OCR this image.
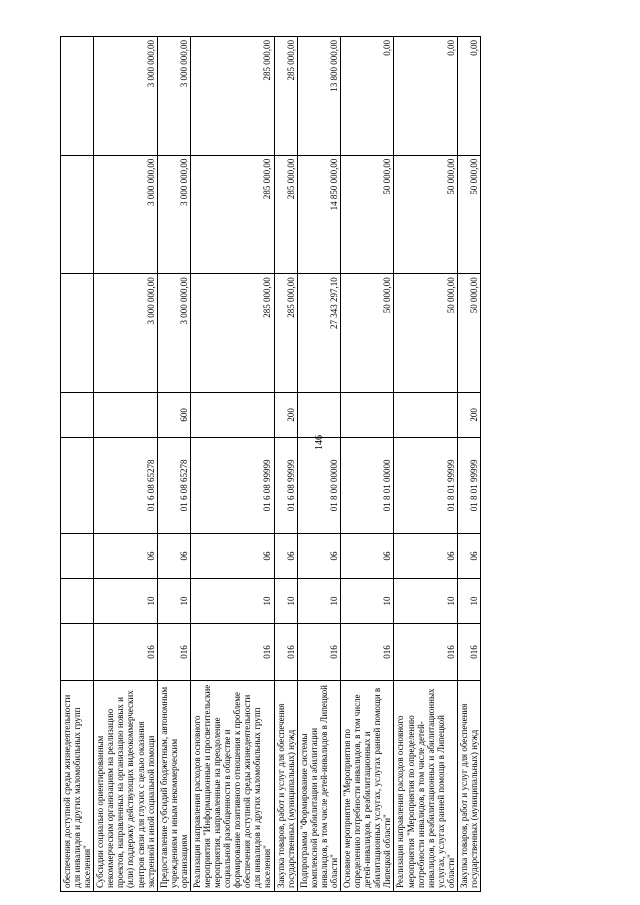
146
обеспечения доступной среды жизнедеятельности для инвалидов и других маломобильных групп населения"								
Субсидии социально ориентированным некоммерческим организациям на реализацию проектов, направленных на организацию новых и (или) поддержку действующих видеокоммерческих центров связи для глухих с целью оказания экстренной и иной социальной помощи	016	10	06	01 6 08 65278		3 000 000,00	3 000 000,00	3 000 000,00
Предоставление субсидий бюджетным, автономным учреждениям и иным некоммерческим организациям	016	10	06	01 6 08 65278	600	3 000 000,00	3 000 000,00	3 000 000,00
Реализация направления расходов основного мероприятия "Информационные и просветительские мероприятия, направленные на преодоление социальной разобщенности в обществе и формирование позитивного отношения к проблеме обеспечения доступной среды жизнедеятельности для инвалидов и других маломобильных групп населения"	016	10	06	01 6 08 99999		285 000,00	285 000,00	285 000,00
Закупка товаров, работ и услуг для обеспечения государственных (муниципальных) нужд	016	10	06	01 6 08 99999	200	285 000,00	285 000,00	285 000,00
Подпрограмма "Формирование системы комплексной реабилитации и абилитации инвалидов, в том числе детей-инвалидов в Липецкой области"	016	10	06	01 8 00 00000		27 343 297,10	14 850 000,00	13 800 000,00
Основное мероприятие "Мероприятия по определению потребности инвалидов, в том числе детей-инвалидов, в реабилитационных и абилитационных услугах, услугах ранней помощи в Липецкой области"	016	10	06	01 8 01 00000		50 000,00	50 000,00	0,00
Реализация направления расходов основного мероприятия "Мероприятия по определению потребности инвалидов, в том числе детей-инвалидов, в реабилитационных и абилитационных услугах, услугах ранней помощи в Липецкой области"	016	10	06	01 8 01 99999		50 000,00	50 000,00	0,00
Закупка товаров, работ и услуг для обеспечения государственных (муниципальных) нужд	016	10	06	01 8 01 99999	200	50 000,00	50 000,00	0,00
